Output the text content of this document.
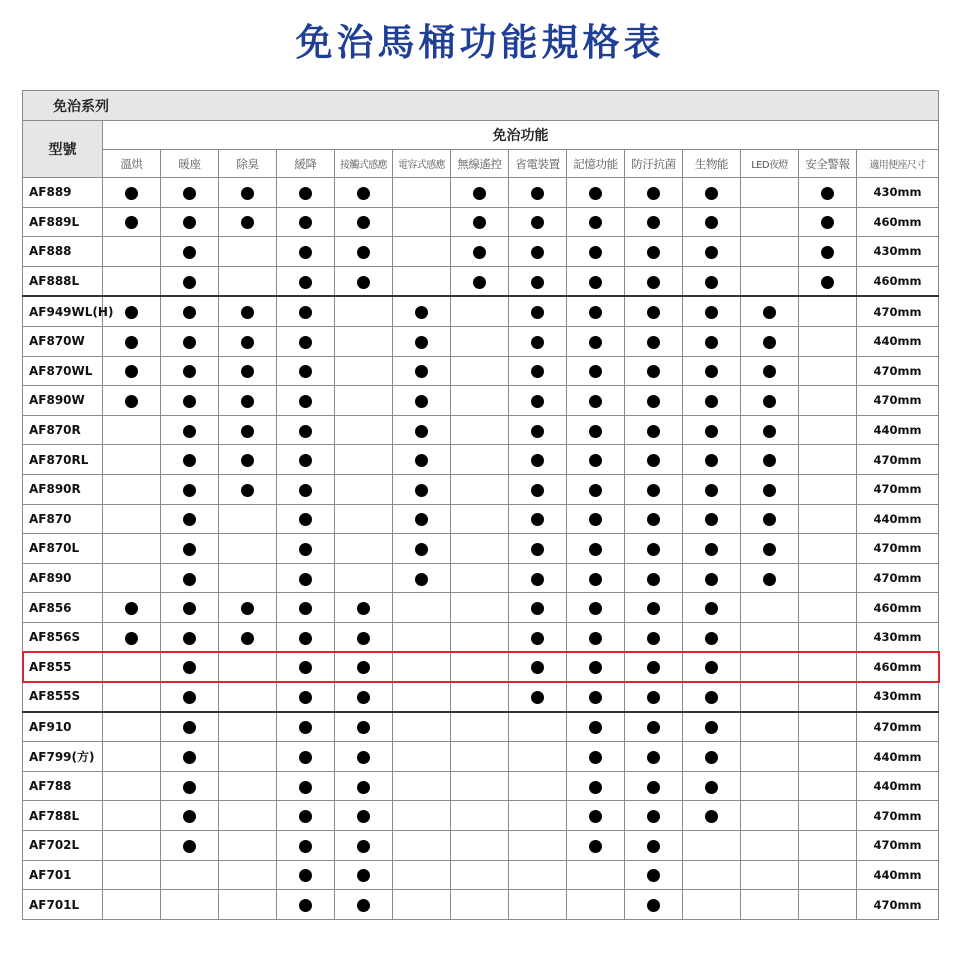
免治馬桶功能規格表
免治系列														
型號	免治功能													
	溫烘	暖座	除臭	緩降	接觸式感應	電容式感應	無線遙控	省電裝置	記憶功能	防汙抗菌	生物能	LED夜燈	安全警報	適用便座尺寸
AF889														430mm
AF889L														460mm
AF888														430mm
AF888L														460mm
AF949WL(H)														470mm
AF870W														440mm
AF870WL														470mm
AF890W														470mm
AF870R														440mm
AF870RL														470mm
AF890R														470mm
AF870														440mm
AF870L														470mm
AF890														470mm
AF856														460mm
AF856S														430mm
AF855														460mm
AF855S														430mm
AF910														470mm
AF799(方)														440mm
AF788														440mm
AF788L														470mm
AF702L														470mm
AF701														440mm
AF701L														470mm
